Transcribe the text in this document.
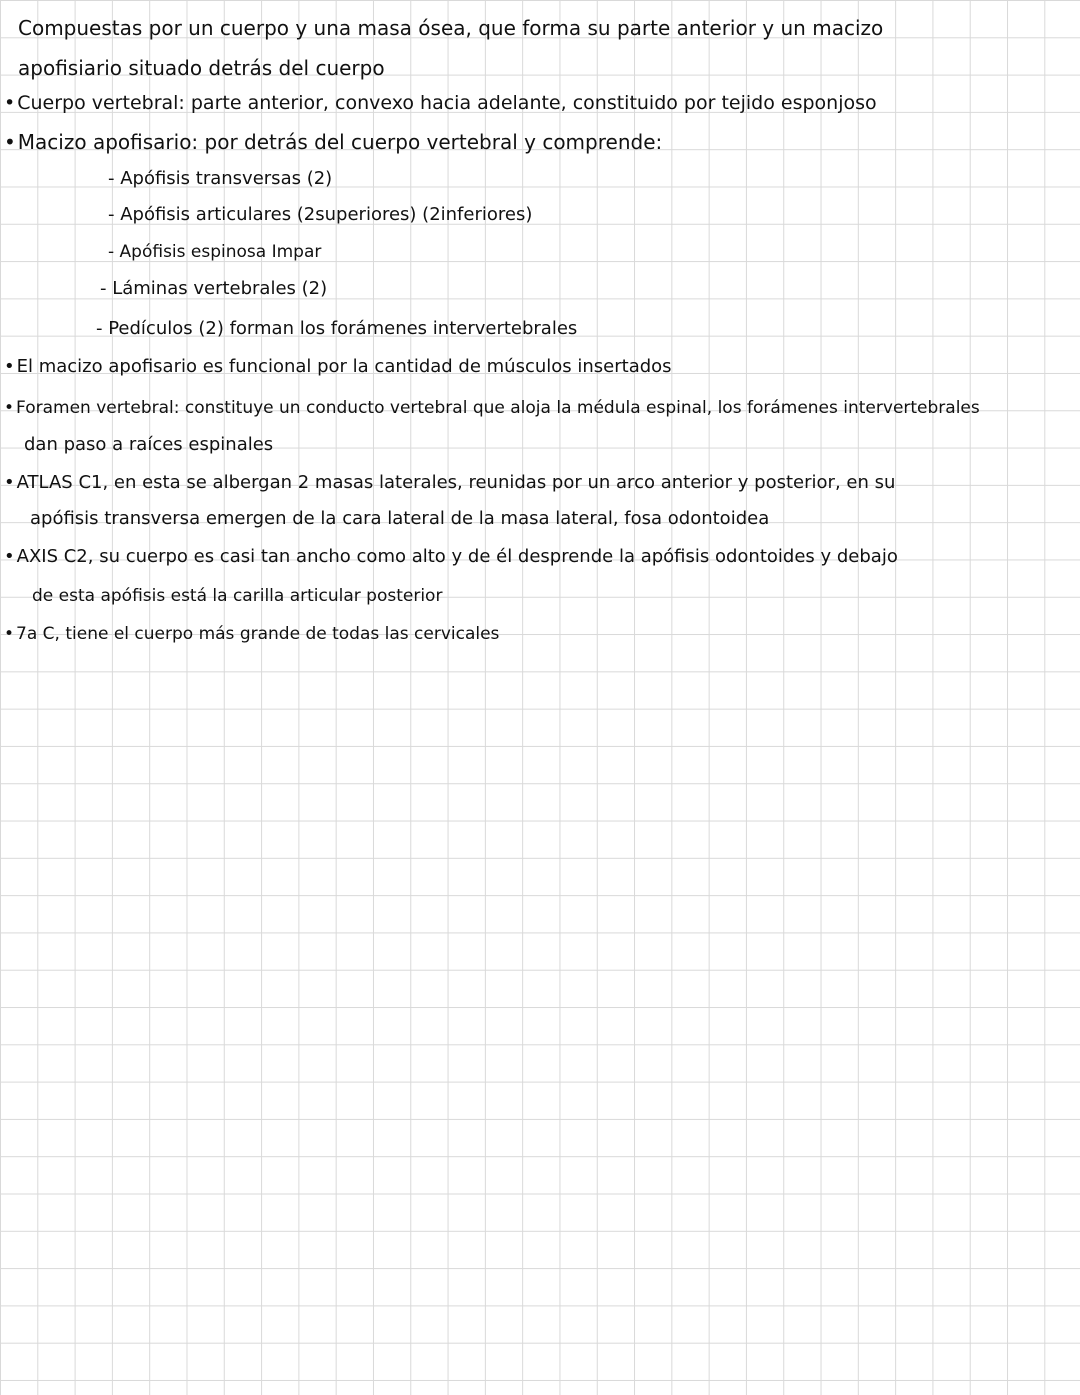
Compuestas por un cuerpo y una masa ósea, que forma su parte anterior y un macizo
apofisiario situado detrás del cuerpo
• Cuerpo vertebral: parte anterior, convexo hacia adelante, constituido por tejido esponjoso
• Macizo apofisario: por detrás del cuerpo vertebral y comprende:
- Apófisis transversas (2)
- Apófisis articulares (2superiores) (2inferiores)
- Apófisis espinosa Impar
- Láminas vertebrales (2)
- Pedículos (2) forman los forámenes intervertebrales
• El macizo apofisario es funcional por la cantidad de músculos insertados
• Foramen vertebral: constituye un conducto vertebral que aloja la médula espinal, los forámenes intervertebrales
dan paso a raíces espinales
• ATLAS C1, en esta se albergan 2 masas laterales, reunidas por un arco anterior y posterior, en su
apófisis transversa emergen de la cara lateral de la masa lateral, fosa odontoidea
• AXIS C2, su cuerpo es casi tan ancho como alto y de él desprende la apófisis odontoides y debajo
de esta apófisis está la carilla articular posterior
• 7a C, tiene el cuerpo más grande de todas las cervicales
